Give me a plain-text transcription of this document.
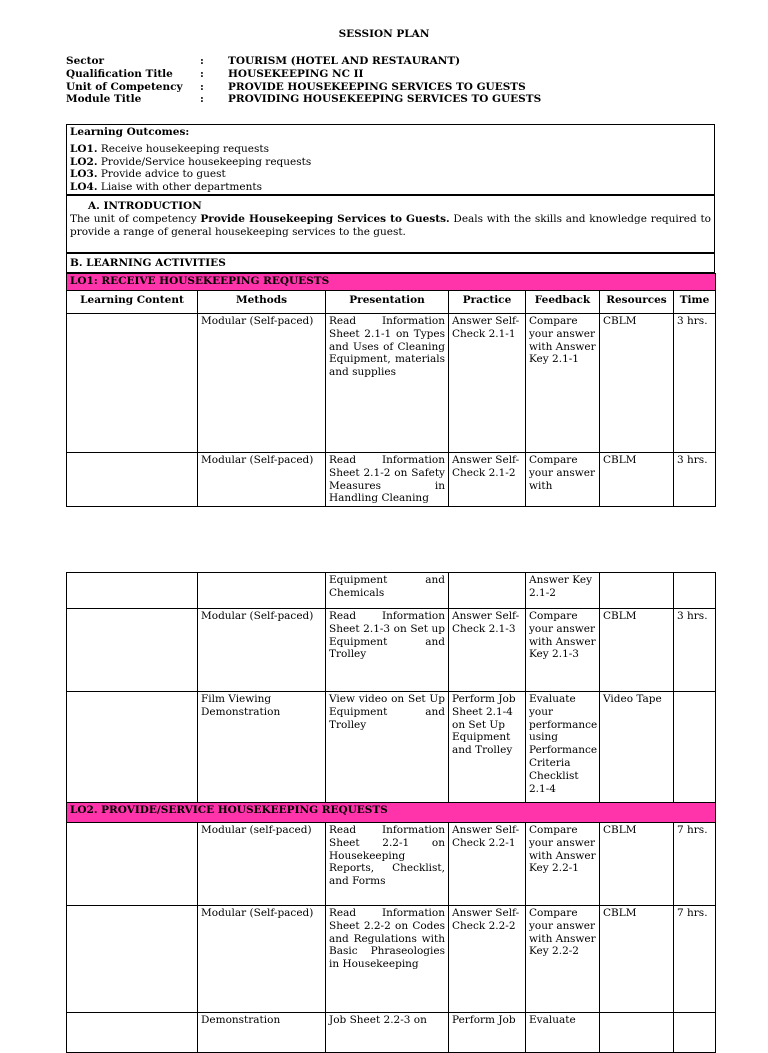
SESSION PLAN
Sector	:	TOURISM (HOTEL AND RESTAURANT)
Qualification Title	:	HOUSEKEEPING NC II
Unit of Competency	:	PROVIDE HOUSEKEEPING SERVICES TO GUESTS
Module Title	:	PROVIDING HOUSEKEEPING SERVICES TO GUESTS
Learning Outcomes:
LO1. Receive housekeeping requests
LO2. Provide/Service housekeeping requests
LO3. Provide advice to guest
LO4. Liaise with other departments
A. INTRODUCTION
The unit of competency Provide Housekeeping Services to Guests. Deals with the skills and knowledge required to provide a range of general housekeeping services to the guest.
B. LEARNING ACTIVITIES
LO1: RECEIVE HOUSEKEEPING REQUESTS						
Learning Content	Methods	Presentation	Practice	Feedback	Resources	Time
	Modular (Self-paced)	Read Information Sheet 2.1-1 on Types and Uses of Cleaning Equipment, materials and supplies	Answer Self-Check 2.1-1	Compare your answer with Answer Key 2.1-1	CBLM	3 hrs.
	Modular (Self-paced)	Read Information Sheet 2.1-2 on Safety Measures in Handling Cleaning	Answer Self-Check 2.1-2	Compare your answer with	CBLM	3 hrs.
		Equipment and Chemicals		Answer Key 2.1-2		
	Modular (Self-paced)	Read Information Sheet 2.1-3 on Set up Equipment and Trolley	Answer Self-Check 2.1-3	Compare your answer with Answer Key 2.1-3	CBLM	3 hrs.
	Film Viewing Demonstration	View video on Set Up Equipment and Trolley	Perform Job Sheet 2.1-4 on Set Up Equipment and Trolley	Evaluate your performance using Performance Criteria Checklist 2.1-4	Video Tape	
LO2. PROVIDE/SERVICE HOUSEKEEPING REQUESTS						
	Modular (self-paced)	Read Information Sheet 2.2-1 on Housekeeping Reports, Checklist, and Forms	Answer Self-Check 2.2-1	Compare your answer with Answer Key 2.2-1	CBLM	7 hrs.
	Modular (Self-paced)	Read Information Sheet 2.2-2 on Codes and Regulations with Basic Phraseologies in Housekeeping	Answer Self-Check 2.2-2	Compare your answer with Answer Key 2.2-2	CBLM	7 hrs.
	Demonstration	Job Sheet 2.2-3 on	Perform Job	Evaluate		
